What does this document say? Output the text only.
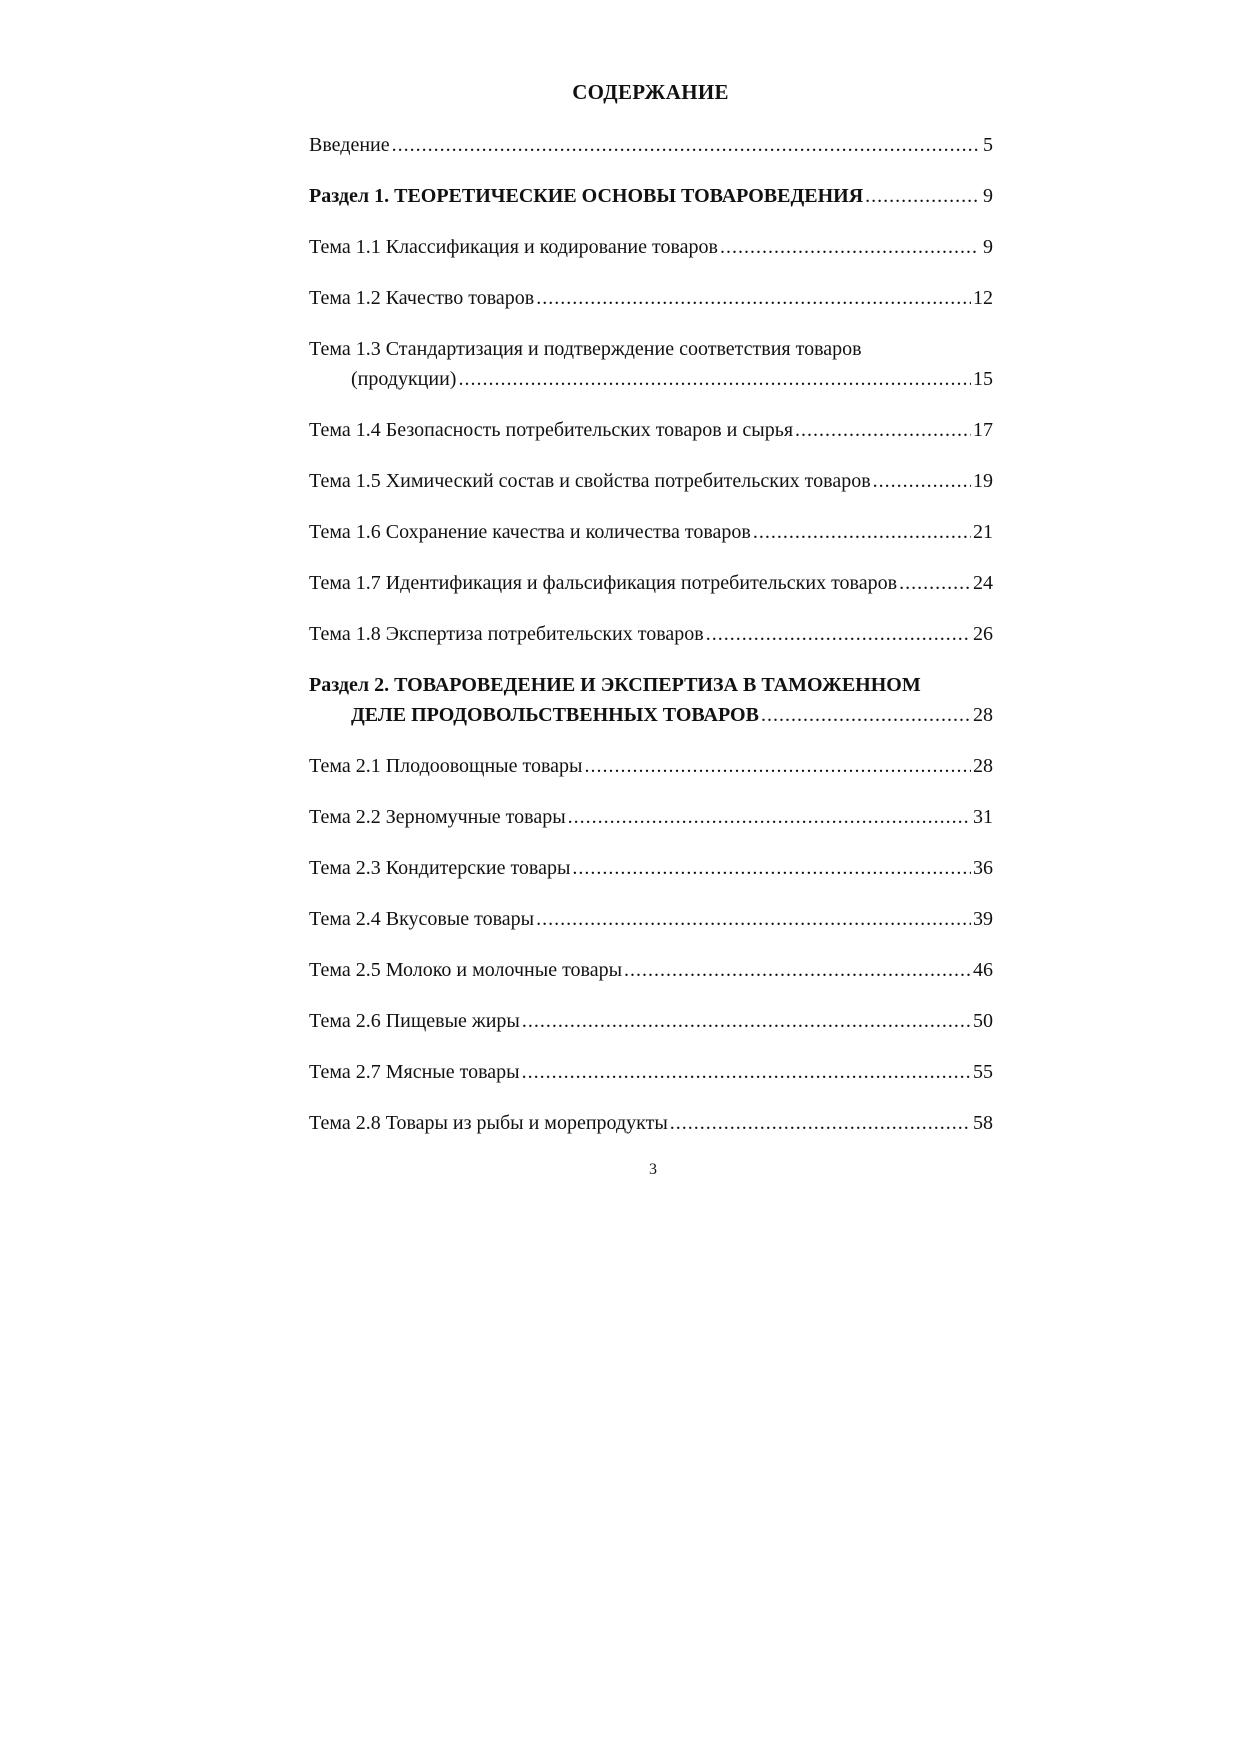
СОДЕРЖАНИЕ
Введение .....	5
Раздел 1. ТЕОРЕТИЧЕСКИЕ ОСНОВЫ ТОВАРОВЕДЕНИЯ .....	9
Тема 1.1 Классификация и кодирование товаров .....	9
Тема 1.2 Качество товаров .....	12
Тема 1.3 Стандартизация и подтверждение соответствия товаров
(продукции) .....	15
Тема 1.4 Безопасность потребительских товаров и сырья .....	17
Тема 1.5 Химический состав и свойства потребительских товаров .....	19
Тема 1.6 Сохранение качества и количества товаров .....	21
Тема 1.7 Идентификация и фальсификация потребительских товаров .....	24
Тема 1.8 Экспертиза потребительских товаров .....	26
Раздел 2. ТОВАРОВЕДЕНИЕ И ЭКСПЕРТИЗА В ТАМОЖЕННОМ
ДЕЛЕ ПРОДОВОЛЬСТВЕННЫХ ТОВАРОВ .....	28
Тема 2.1 Плодоовощные товары .....	28
Тема 2.2 Зерномучные товары .....	31
Тема 2.3 Кондитерские товары .....	36
Тема 2.4 Вкусовые товары .....	39
Тема 2.5 Молоко и молочные товары .....	46
Тема 2.6 Пищевые жиры .....	50
Тема 2.7 Мясные товары .....	55
Тема 2.8 Товары из рыбы и морепродукты .....	58
3
